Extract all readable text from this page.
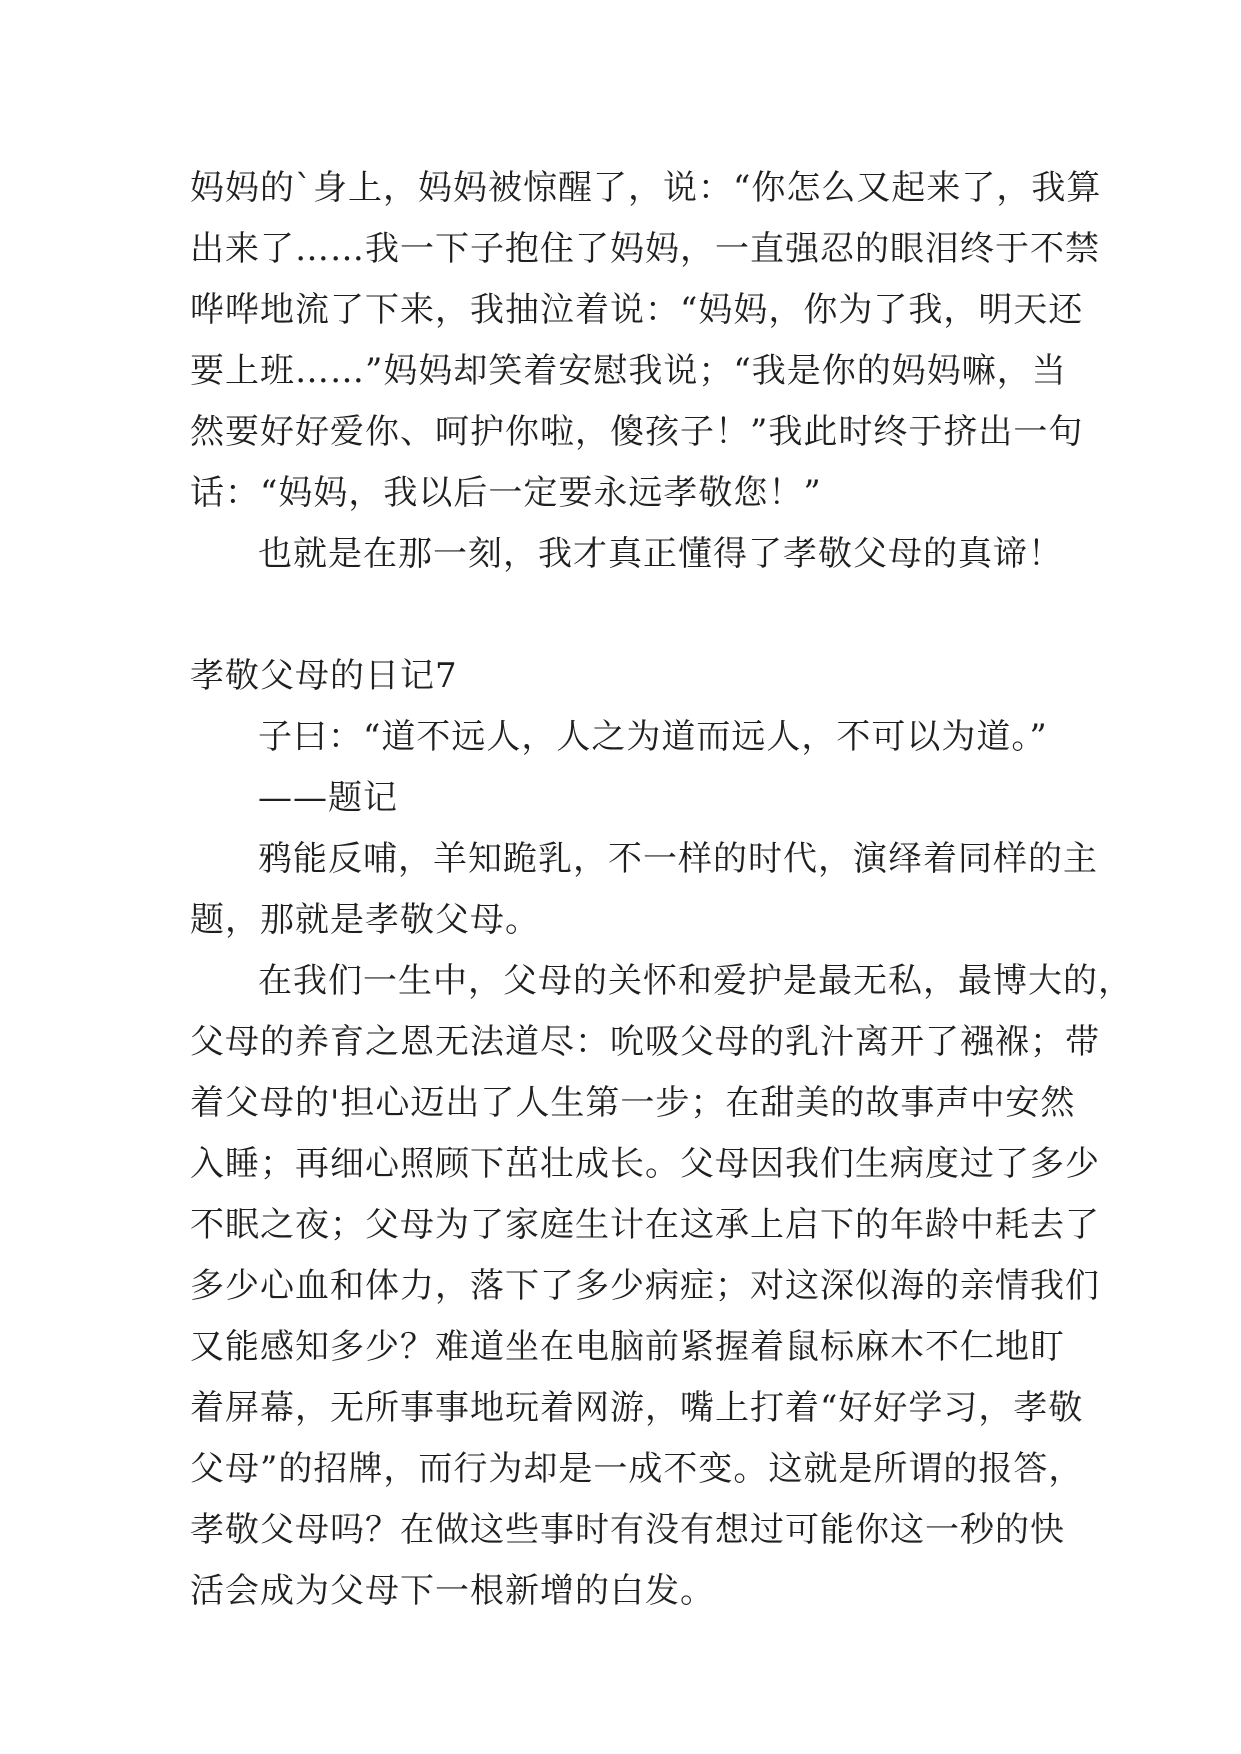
妈妈的`身上，妈妈被惊醒了，说：“你怎么又起来了，我算
出来了……我一下子抱住了妈妈，一直强忍的眼泪终于不禁
哗哗地流了下来，我抽泣着说：“妈妈，你为了我，明天还
要上班……”妈妈却笑着安慰我说；“我是你的妈妈嘛，当
然要好好爱你、呵护你啦，傻孩子！”我此时终于挤出一句
话：“妈妈，我以后一定要永远孝敬您！”
也就是在那一刻，我才真正懂得了孝敬父母的真谛！
孝敬父母的日记7
子曰：“道不远人，人之为道而远人，不可以为道。”
——题记
鸦能反哺，羊知跪乳，不一样的时代，演绎着同样的主
题，那就是孝敬父母。
在我们一生中，父母的关怀和爱护是最无私，最博大的，
父母的养育之恩无法道尽：吮吸父母的乳汁离开了襁褓；带
着父母的'担心迈出了人生第一步；在甜美的故事声中安然
入睡；再细心照顾下茁壮成长。父母因我们生病度过了多少
不眠之夜；父母为了家庭生计在这承上启下的年龄中耗去了
多少心血和体力，落下了多少病症；对这深似海的亲情我们
又能感知多少？难道坐在电脑前紧握着鼠标麻木不仁地盯
着屏幕，无所事事地玩着网游，嘴上打着“好好学习，孝敬
父母”的招牌，而行为却是一成不变。这就是所谓的报答，
孝敬父母吗？在做这些事时有没有想过可能你这一秒的快
活会成为父母下一根新增的白发。
